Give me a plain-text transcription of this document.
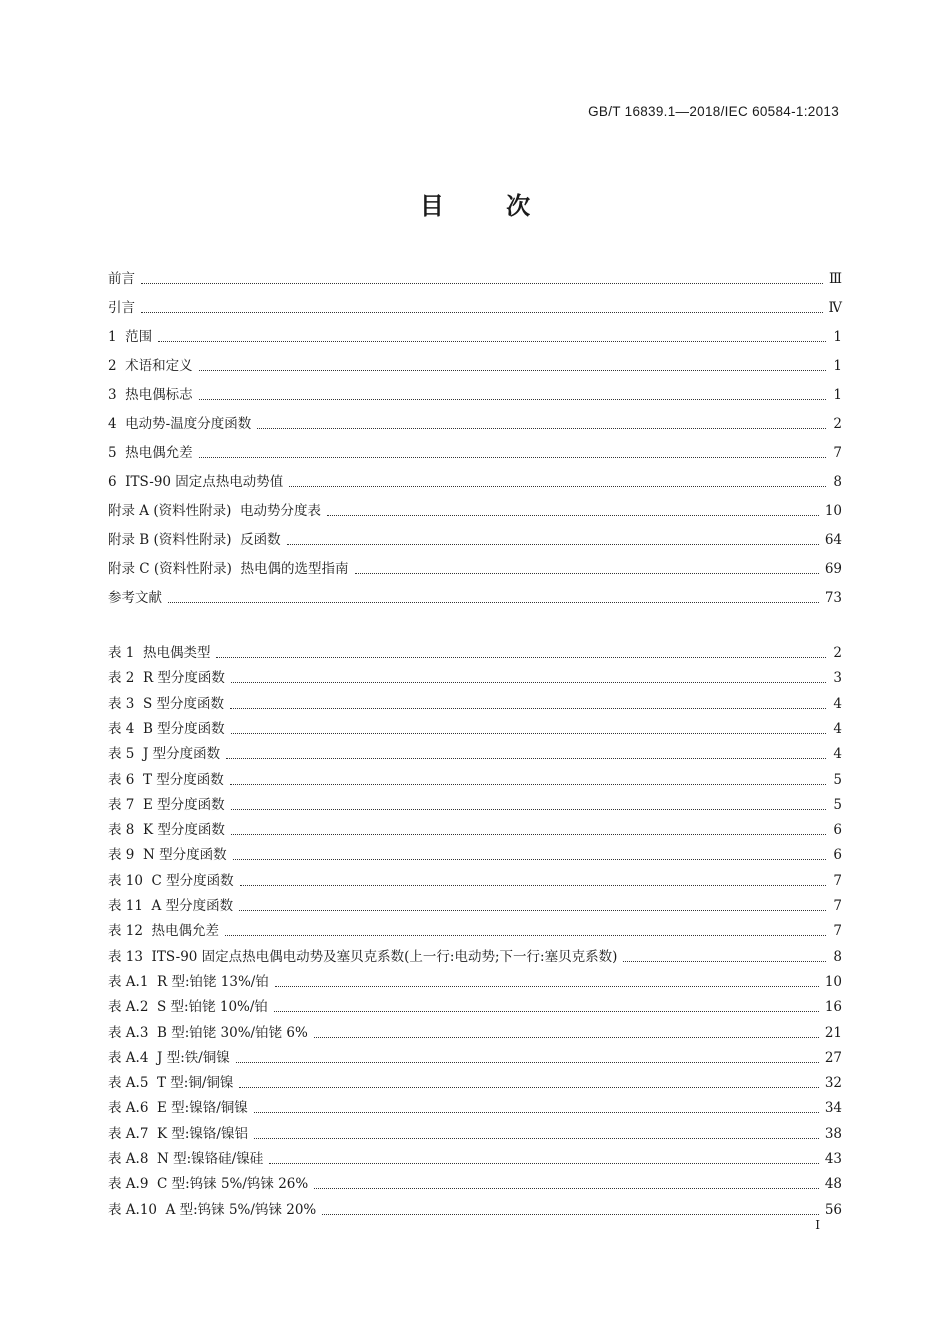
GB/T 16839.1—2018/IEC 60584-1:2013
目	次
前言	Ⅲ
引言	Ⅳ
1  范围	1
2  术语和定义	1
3  热电偶标志	1
4  电动势-温度分度函数	2
5  热电偶允差	7
6  ITS-90 固定点热电动势值	8
附录 A (资料性附录)  电动势分度表	10
附录 B (资料性附录)  反函数	64
附录 C (资料性附录)  热电偶的选型指南	69
参考文献	73
表 1  热电偶类型	2
表 2  R 型分度函数	3
表 3  S 型分度函数	4
表 4  B 型分度函数	4
表 5  J 型分度函数	4
表 6  T 型分度函数	5
表 7  E 型分度函数	5
表 8  K 型分度函数	6
表 9  N 型分度函数	6
表 10  C 型分度函数	7
表 11  A 型分度函数	7
表 12  热电偶允差	7
表 13  ITS-90 固定点热电偶电动势及塞贝克系数(上一行:电动势;下一行:塞贝克系数)	8
表 A.1  R 型:铂铑 13%/铂	10
表 A.2  S 型:铂铑 10%/铂	16
表 A.3  B 型:铂铑 30%/铂铑 6%	21
表 A.4  J 型:铁/铜镍	27
表 A.5  T 型:铜/铜镍	32
表 A.6  E 型:镍铬/铜镍	34
表 A.7  K 型:镍铬/镍铝	38
表 A.8  N 型:镍铬硅/镍硅	43
表 A.9  C 型:钨铼 5%/钨铼 26%	48
表 A.10  A 型:钨铼 5%/钨铼 20%	56
I
